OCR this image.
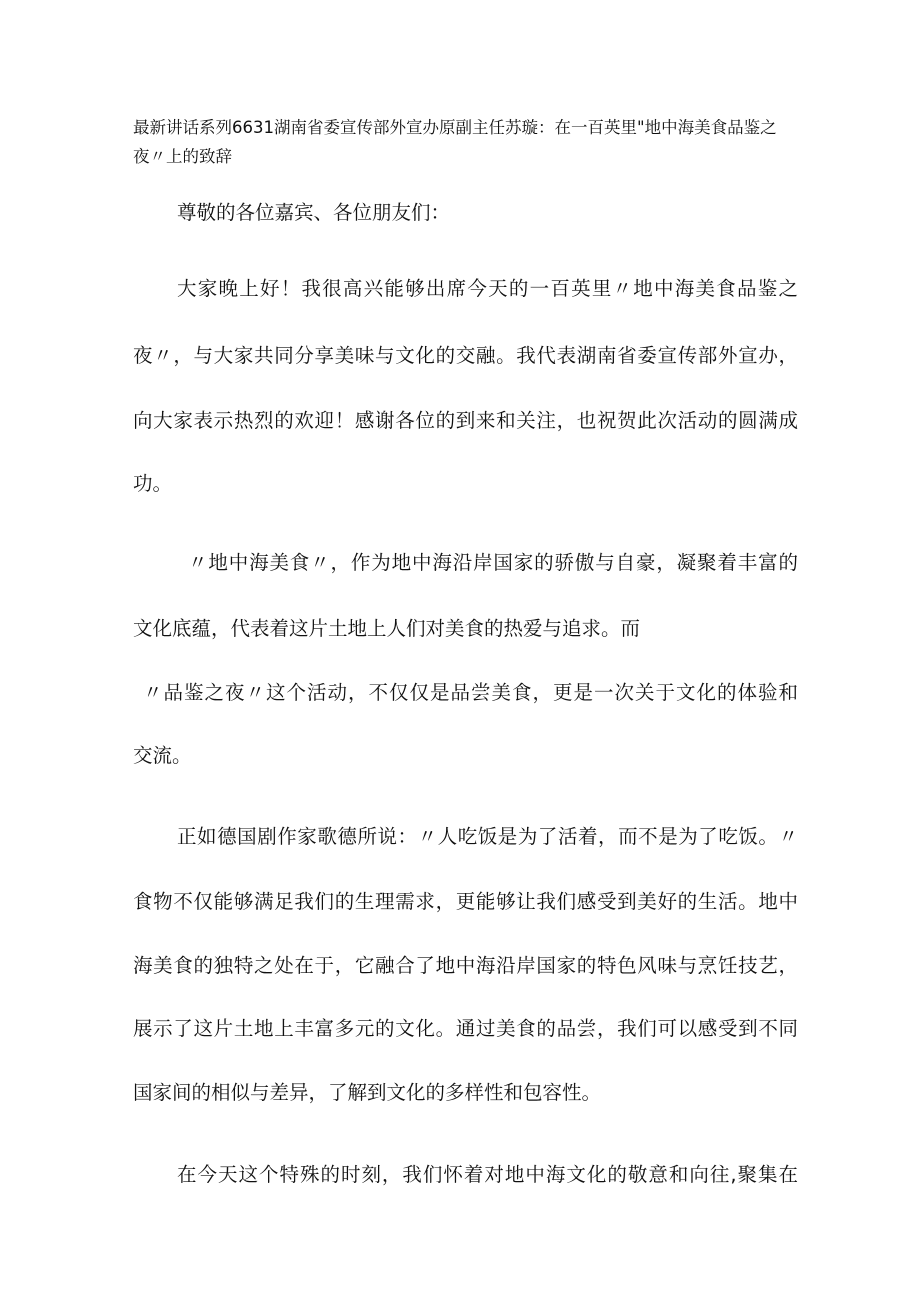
最新讲话系列6631湖南省委宣传部外宣办原副主任苏璇：在一百英里"地中海美食品鉴之夜〃上的致辞

尊敬的各位嘉宾、各位朋友们：

大家晚上好！我很高兴能够出席今天的一百英里〃地中海美食品鉴之

夜〃，与大家共同分享美味与文化的交融。我代表湖南省委宣传部外宣办，

向大家表示热烈的欢迎！感谢各位的到来和关注，也祝贺此次活动的圆满成

功。

〃地中海美食〃，作为地中海沿岸国家的骄傲与自豪，凝聚着丰富的

文化底蕴，代表着这片土地上人们对美食的热爱与追求。而

〃品鉴之夜〃这个活动，不仅仅是品尝美食，更是一次关于文化的体验和

交流。

正如德国剧作家歌德所说：〃人吃饭是为了活着，而不是为了吃饭。〃

食物不仅能够满足我们的生理需求，更能够让我们感受到美好的生活。地中

海美食的独特之处在于，它融合了地中海沿岸国家的特色风味与烹饪技艺，

展示了这片土地上丰富多元的文化。通过美食的品尝，我们可以感受到不同

国家间的相似与差异，了解到文化的多样性和包容性。

在今天这个特殊的时刻，我们怀着对地中海文化的敬意和向往,聚集在
